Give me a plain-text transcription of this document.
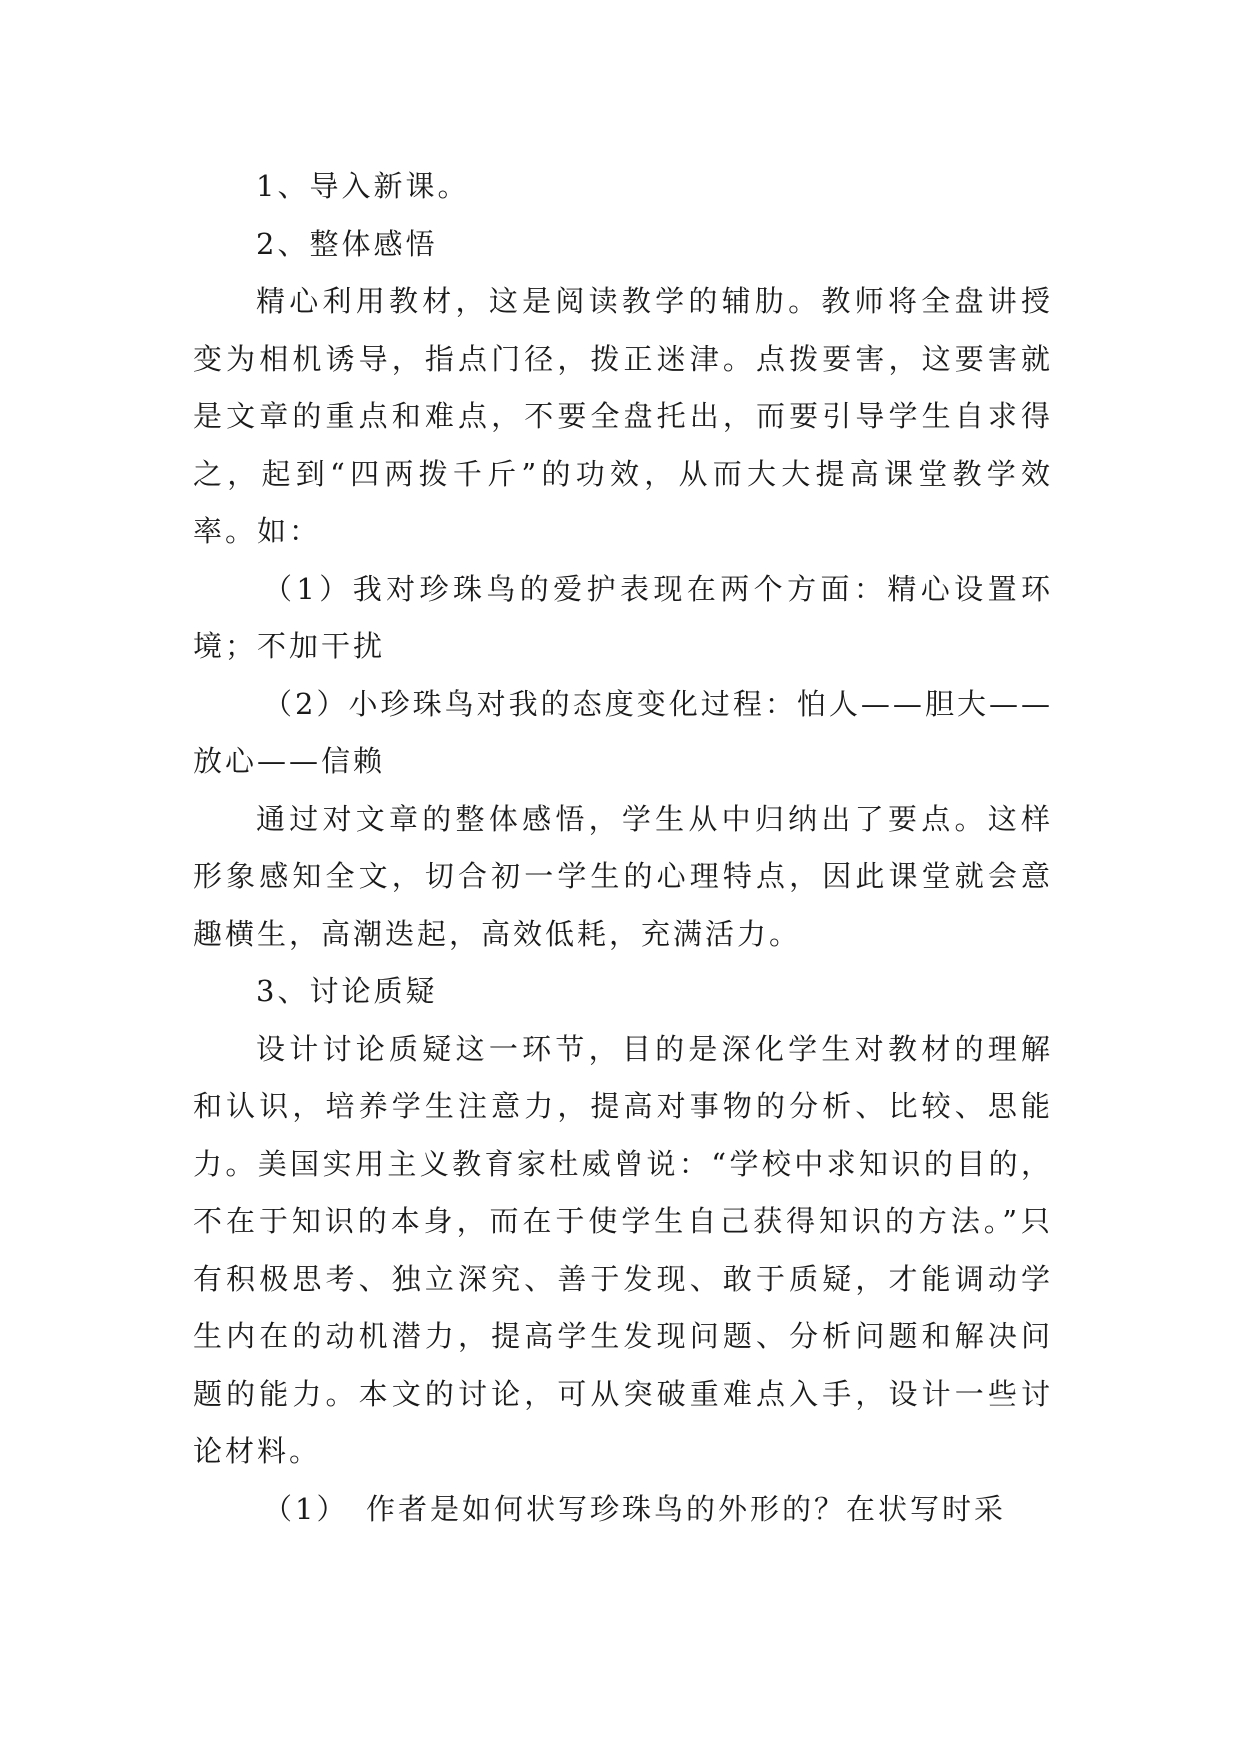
1、导入新课。

2、整体感悟

精心利用教材，这是阅读教学的辅肋。教师将全盘讲授变为相机诱导，指点门径，拨正迷津。点拨要害，这要害就是文章的重点和难点，不要全盘托出，而要引导学生自求得之，起到“四两拨千斤”的功效，从而大大提高课堂教学效率。如：

（1）我对珍珠鸟的爱护表现在两个方面：精心设置环境；不加干扰

（2）小珍珠鸟对我的态度变化过程：怕人——胆大——放心——信赖

通过对文章的整体感悟，学生从中归纳出了要点。这样形象感知全文，切合初一学生的心理特点，因此课堂就会意趣横生，高潮迭起，高效低耗，充满活力。

3、讨论质疑

设计讨论质疑这一环节，目的是深化学生对教材的理解和认识，培养学生注意力，提高对事物的分析、比较、思能力。美国实用主义教育家杜威曾说：“学校中求知识的目的，不在于知识的本身，而在于使学生自己获得知识的方法。”只有积极思考、独立深究、善于发现、敢于质疑，才能调动学生内在的动机潜力，提高学生发现问题、分析问题和解决问题的能力。本文的讨论，可从突破重难点入手，设计一些讨论材料。

（1）　作者是如何状写珍珠鸟的外形的？在状写时采
